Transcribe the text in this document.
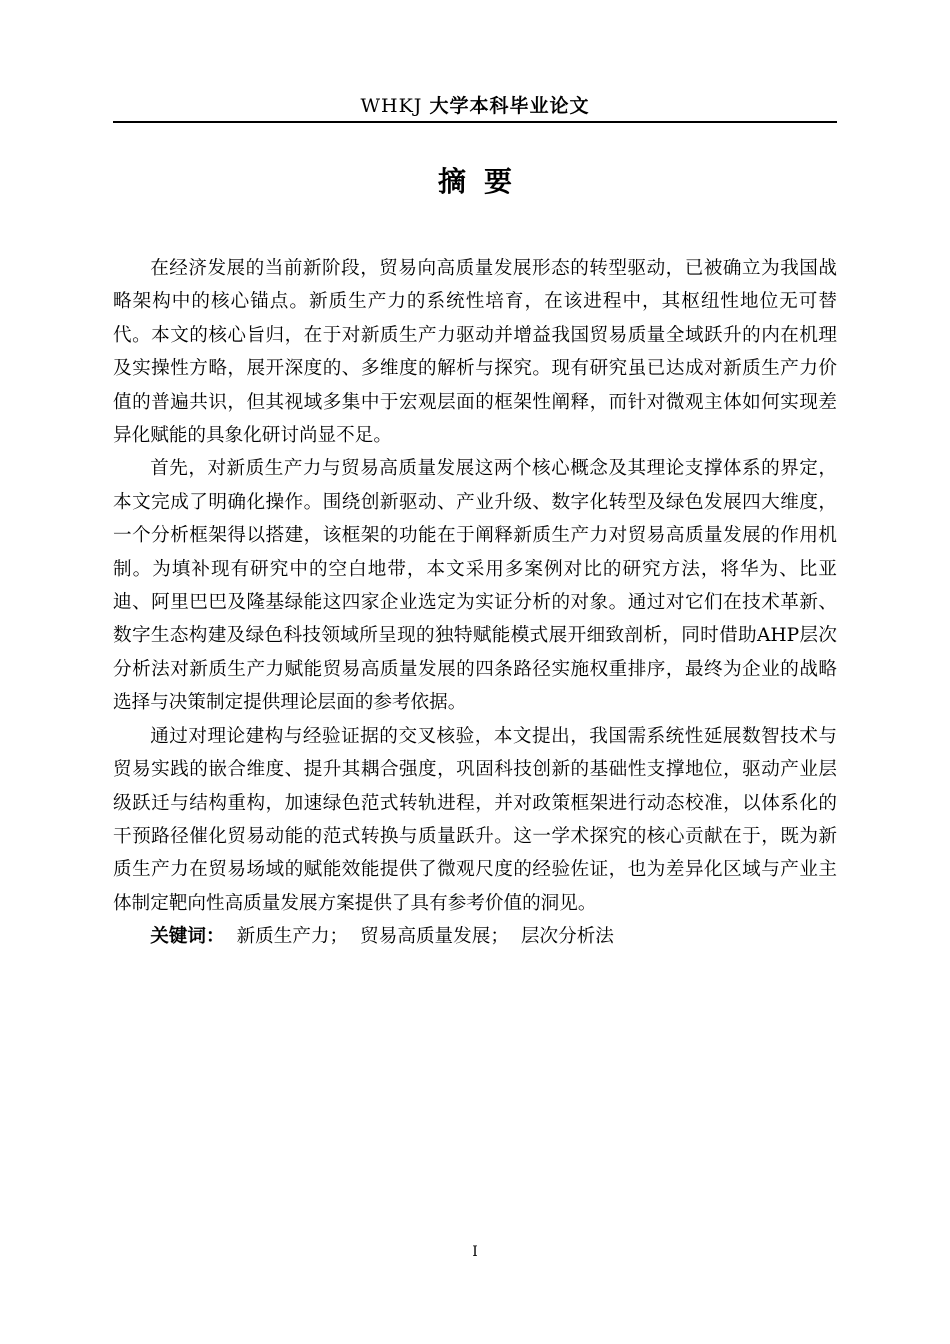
WHKJ 大学本科毕业论文
摘要

在经济发展的当前新阶段，贸易向高质量发展形态的转型驱动，已被确立为我国战略架构中的核心锚点。新质生产力的系统性培育，在该进程中，其枢纽性地位无可替代。本文的核心旨归，在于对新质生产力驱动并增益我国贸易质量全域跃升的内在机理及实操性方略，展开深度的、多维度的解析与探究。现有研究虽已达成对新质生产力价值的普遍共识，但其视域多集中于宏观层面的框架性阐释，而针对微观主体如何实现差异化赋能的具象化研讨尚显不足。

首先，对新质生产力与贸易高质量发展这两个核心概念及其理论支撑体系的界定，本文完成了明确化操作。围绕创新驱动、产业升级、数字化转型及绿色发展四大维度，一个分析框架得以搭建，该框架的功能在于阐释新质生产力对贸易高质量发展的作用机制。为填补现有研究中的空白地带，本文采用多案例对比的研究方法，将华为、比亚迪、阿里巴巴及隆基绿能这四家企业选定为实证分析的对象。通过对它们在技术革新、数字生态构建及绿色科技领域所呈现的独特赋能模式展开细致剖析，同时借助AHP层次分析法对新质生产力赋能贸易高质量发展的四条路径实施权重排序，最终为企业的战略选择与决策制定提供理论层面的参考依据。

通过对理论建构与经验证据的交叉核验，本文提出，我国需系统性延展数智技术与贸易实践的嵌合维度、提升其耦合强度，巩固科技创新的基础性支撑地位，驱动产业层级跃迁与结构重构，加速绿色范式转轨进程，并对政策框架进行动态校准，以体系化的干预路径催化贸易动能的范式转换与质量跃升。这一学术探究的核心贡献在于，既为新质生产力在贸易场域的赋能效能提供了微观尺度的经验佐证，也为差异化区域与产业主体制定靶向性高质量发展方案提供了具有参考价值的洞见。

关键词： 新质生产力； 贸易高质量发展； 层次分析法
I
